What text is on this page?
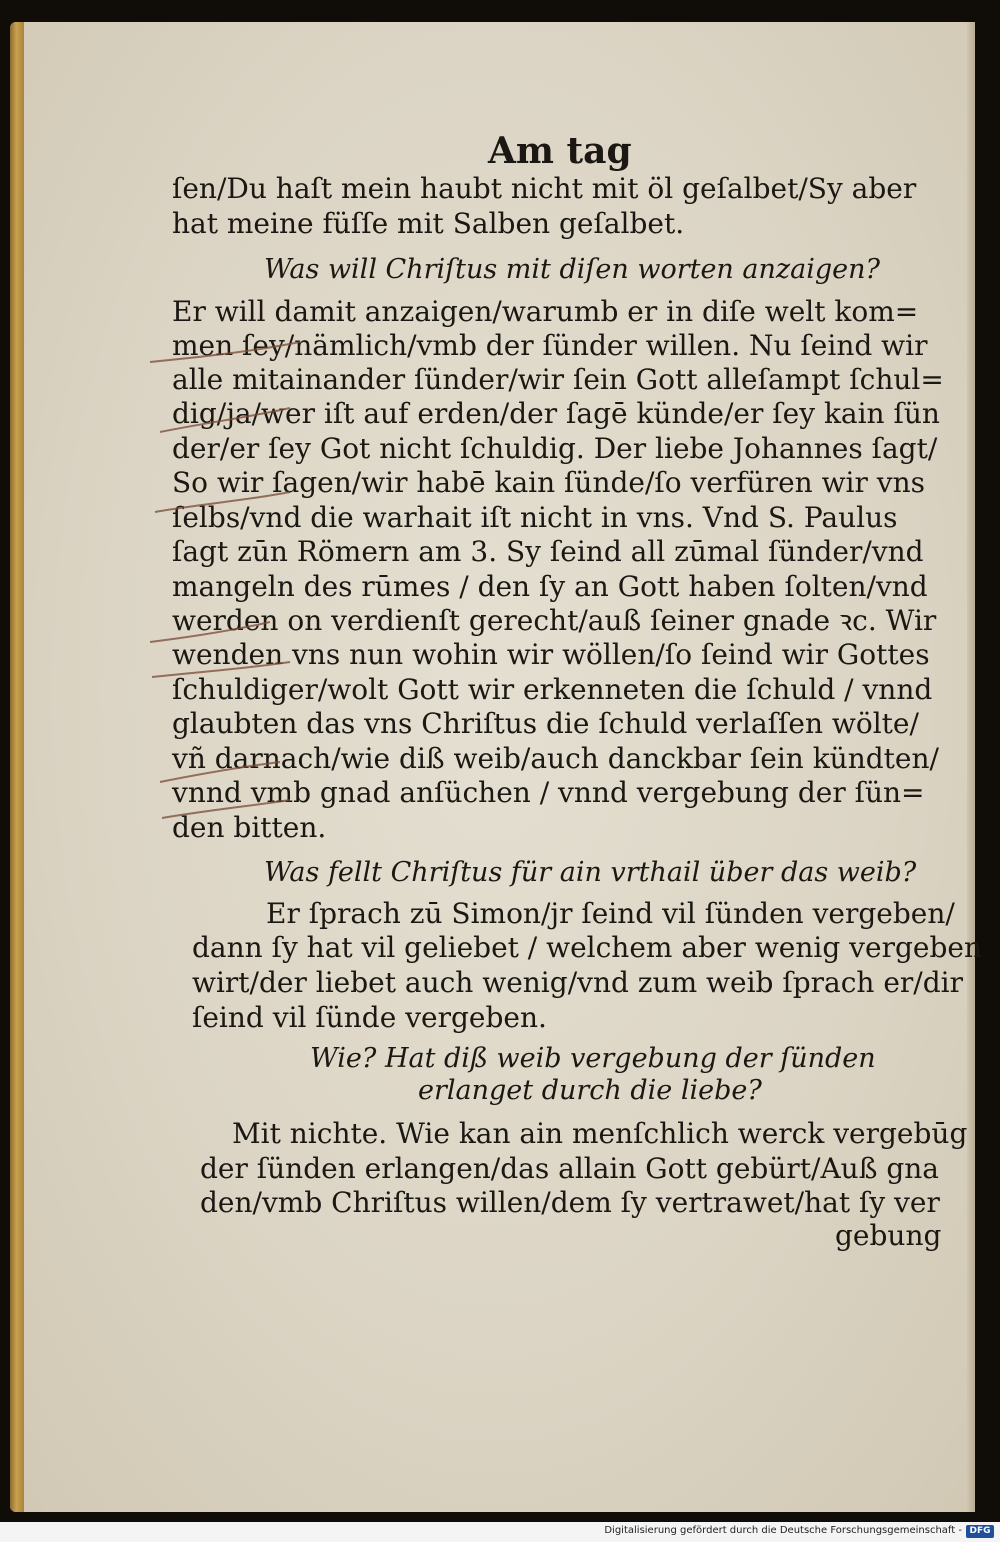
Am tag
ſen/Du haſt mein haubt nicht mit öl geſalbet/Sy aber
hat meine füſſe mit Salben geſalbet.
Was will Chriſtus mit diſen worten anzaigen?
Er will damit anzaigen/warumb er in diſe welt kom=
men ſey/nämlich/vmb der ſünder willen. Nu ſeind wir
alle mitainander ſünder/wir ſein Gott alleſampt ſchul=
dig/ja/wer iſt auf erden/der ſagē künde/er ſey kain ſün
der/er ſey Got nicht ſchuldig. Der liebe Johannes ſagt/
So wir ſagen/wir habē kain ſünde/ſo verfüren wir vns
ſelbs/vnd die warhait iſt nicht in vns. Vnd S. Paulus
ſagt zūn Römern am 3. Sy ſeind all zūmal ſünder/vnd
mangeln des rūmes / den ſy an Gott haben ſolten/vnd
werden on verdienſt gerecht/auß ſeiner gnade ꝛc. Wir
wenden vns nun wohin wir wöllen/ſo ſeind wir Gottes
ſchuldiger/wolt Gott wir erkenneten die ſchuld / vnnd
glaubten das vns Chriſtus die ſchuld verlaſſen wölte/
vñ darnach/wie diß weib/auch danckbar ſein kündten/
vnnd vmb gnad anſüchen / vnnd vergebung der ſün=
den bitten.
Was fellt Chriſtus für ain vrthail über das weib?
Er ſprach zū Simon/jr ſeind vil ſünden vergeben/
dann ſy hat vil geliebet / welchem aber wenig vergeben
wirt/der liebet auch wenig/vnd zum weib ſprach er/dir
ſeind vil ſünde vergeben.
Wie? Hat diß weib vergebung der ſünden
erlanget durch die liebe?
Mit nichte. Wie kan ain menſchlich werck vergebūg
der ſünden erlangen/das allain Gott gebürt/Auß gna
den/vmb Chriſtus willen/dem ſy vertrawet/hat ſy ver
gebung
Digitalisierung gefördert durch die Deutsche Forschungsgemeinschaft - DFG
